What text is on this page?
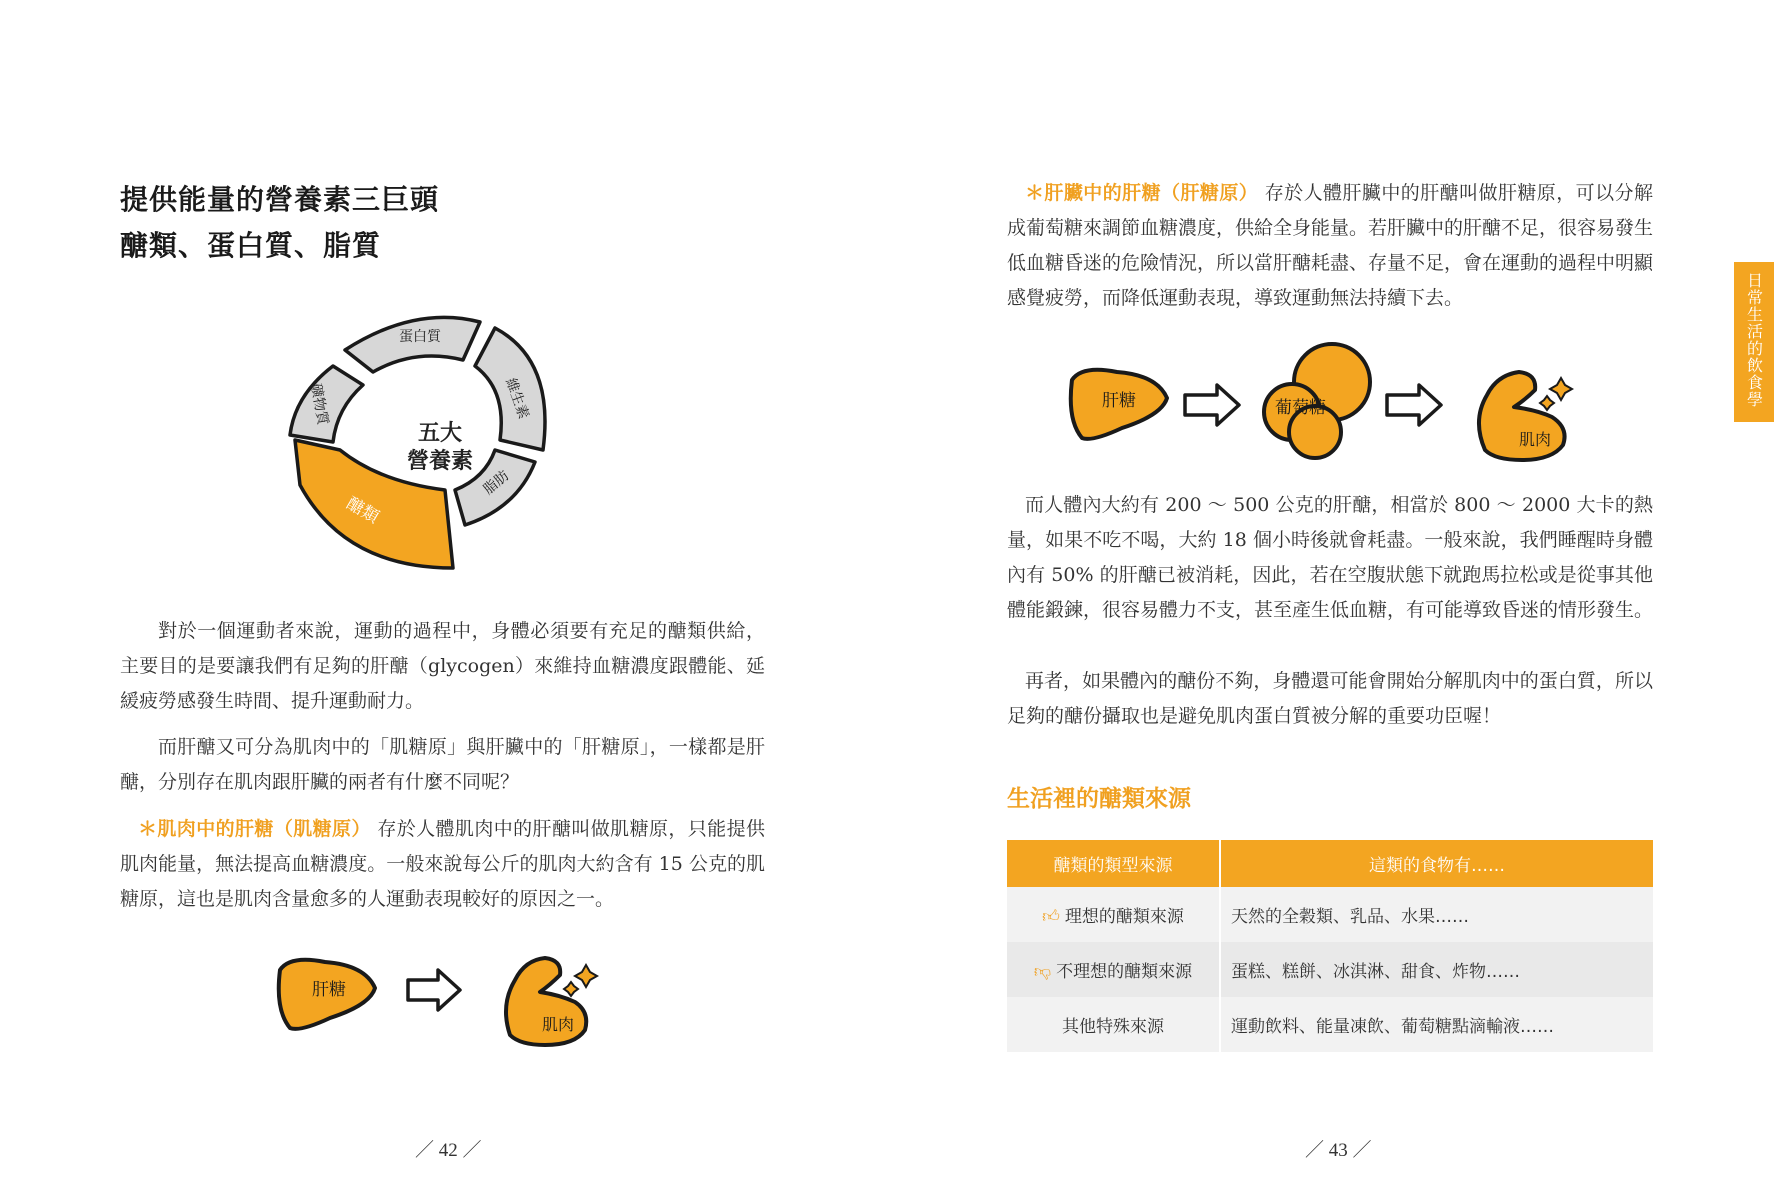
提供能量的營養素三巨頭
醣類、蛋白質、脂質
蛋白質
維生素
脂肪
醣類
礦物質
五大
營養素

對於一個運動者來說，運動的過程中，身體必須要有充足的醣類供給，主要目的是要讓我們有足夠的肝醣（glycogen）來維持血糖濃度跟體能、延緩疲勞感發生時間、提升運動耐力。

而肝醣又可分為肌肉中的「肌糖原」與肝臟中的「肝糖原」，一樣都是肝醣，分別存在肌肉跟肝臟的兩者有什麼不同呢？

＊肌肉中的肝糖（肌糖原） 存於人體肌肉中的肝醣叫做肌糖原，只能提供肌肉能量，無法提高血糖濃度。一般來說每公斤的肌肉大約含有 15 公克的肌糖原，這也是肌肉含量愈多的人運動表現較好的原因之一。

肝糖
肌肉
／ 42 ／
日常生活的飲食學

＊肝臟中的肝糖（肝糖原） 存於人體肝臟中的肝醣叫做肝糖原，可以分解成葡萄糖來調節血糖濃度，供給全身能量。若肝臟中的肝醣不足，很容易發生低血糖昏迷的危險情況，所以當肝醣耗盡、存量不足，會在運動的過程中明顯感覺疲勞，而降低運動表現，導致運動無法持續下去。

肝糖	葡萄糖
肌肉

而人體內大約有 200 ～ 500 公克的肝醣，相當於 800 ～ 2000 大卡的熱量，如果不吃不喝，大約 18 個小時後就會耗盡。一般來說，我們睡醒時身體內有 50% 的肝醣已被消耗，因此，若在空腹狀態下就跑馬拉松或是從事其他體能鍛鍊，很容易體力不支，甚至產生低血糖，有可能導致昏迷的情形發生。

再者，如果體內的醣份不夠，身體還可能會開始分解肌肉中的蛋白質，所以足夠的醣份攝取也是避免肌肉蛋白質被分解的重要功臣喔！

生活裡的醣類來源
醣類的類型來源	這類的食物有……
👍︎ 理想的醣類來源	天然的全穀類、乳品、水果……
👎︎ 不理想的醣類來源	蛋糕、糕餅、冰淇淋、甜食、炸物……
其他特殊來源	運動飲料、能量凍飲、葡萄糖點滴輸液……
／ 43 ／
